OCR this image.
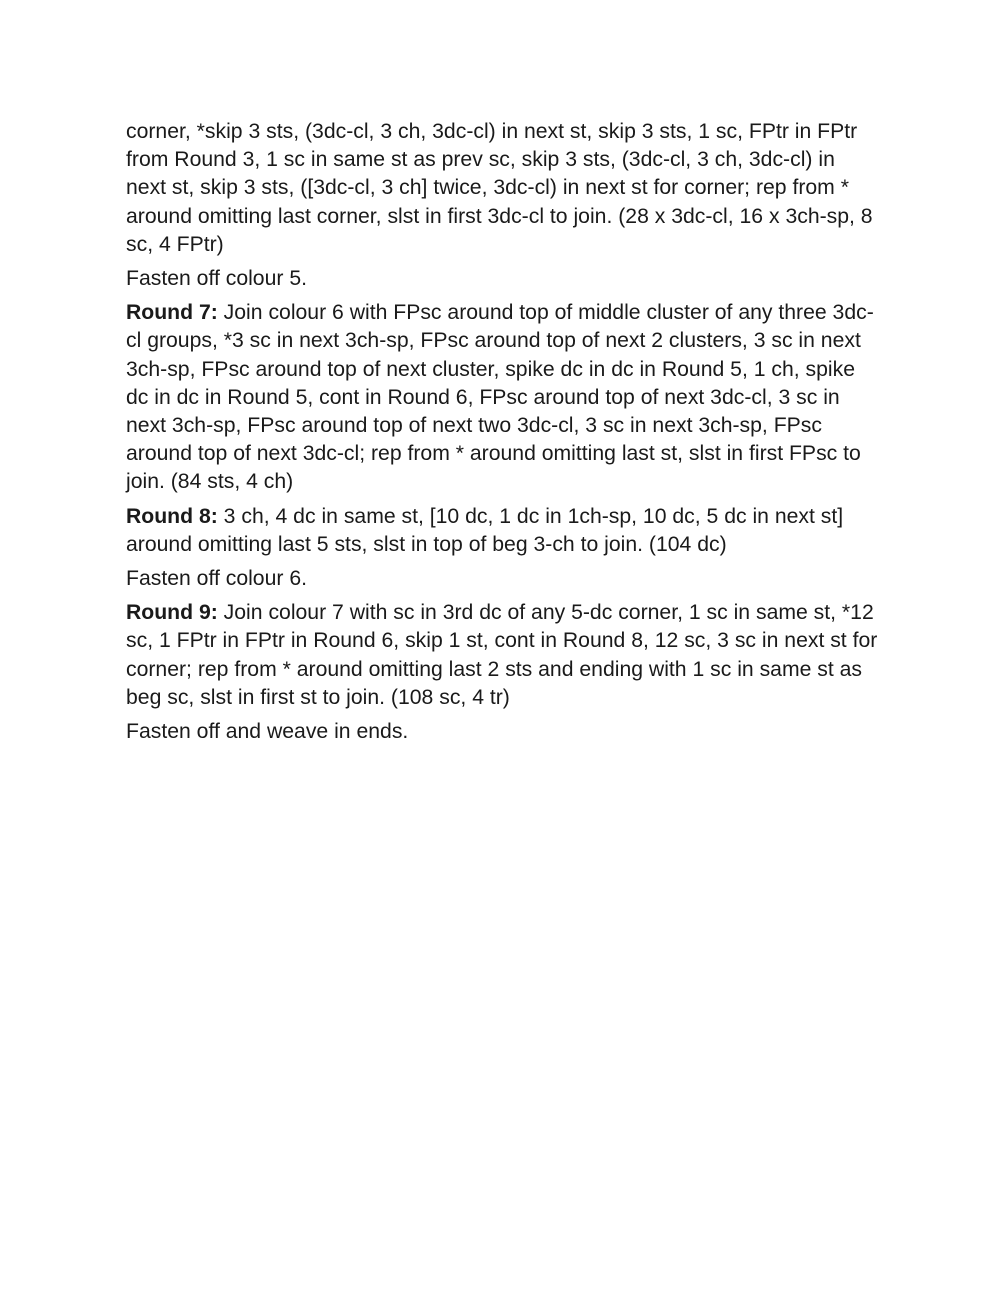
corner, *skip 3 sts, (3dc-cl, 3 ch, 3dc-cl) in next st, skip 3 sts, 1 sc, FPtr in FPtr from Round 3, 1 sc in same st as prev sc, skip 3 sts, (3dc-cl, 3 ch, 3dc-cl) in next st, skip 3 sts, ([3dc-cl, 3 ch] twice, 3dc-cl) in next st for corner; rep from * around omitting last corner, slst in first 3dc-cl to join. (28 x 3dc-cl, 16 x 3ch-sp, 8 sc, 4 FPtr)

Fasten off colour 5.

Round 7: Join colour 6 with FPsc around top of middle cluster of any three 3dc-cl groups, *3 sc in next 3ch-sp, FPsc around top of next 2 clusters, 3 sc in next 3ch-sp, FPsc around top of next cluster, spike dc in dc in Round 5, 1 ch, spike dc in dc in Round 5, cont in Round 6, FPsc around top of next 3dc-cl, 3 sc in next 3ch-sp, FPsc around top of next two 3dc-cl, 3 sc in next 3ch-sp, FPsc around top of next 3dc-cl; rep from * around omitting last st, slst in first FPsc to join. (84 sts, 4 ch)

Round 8: 3 ch, 4 dc in same st, [10 dc, 1 dc in 1ch-sp, 10 dc, 5 dc in next st] around omitting last 5 sts, slst in top of beg 3-ch to join. (104 dc)

Fasten off colour 6.

Round 9: Join colour 7 with sc in 3rd dc of any 5-dc corner, 1 sc in same st, *12 sc, 1 FPtr in FPtr in Round 6, skip 1 st, cont in Round 8, 12 sc, 3 sc in next st for corner; rep from * around omitting last 2 sts and ending with 1 sc in same st as beg sc, slst in first st to join. (108 sc, 4 tr)

Fasten off and weave in ends.
